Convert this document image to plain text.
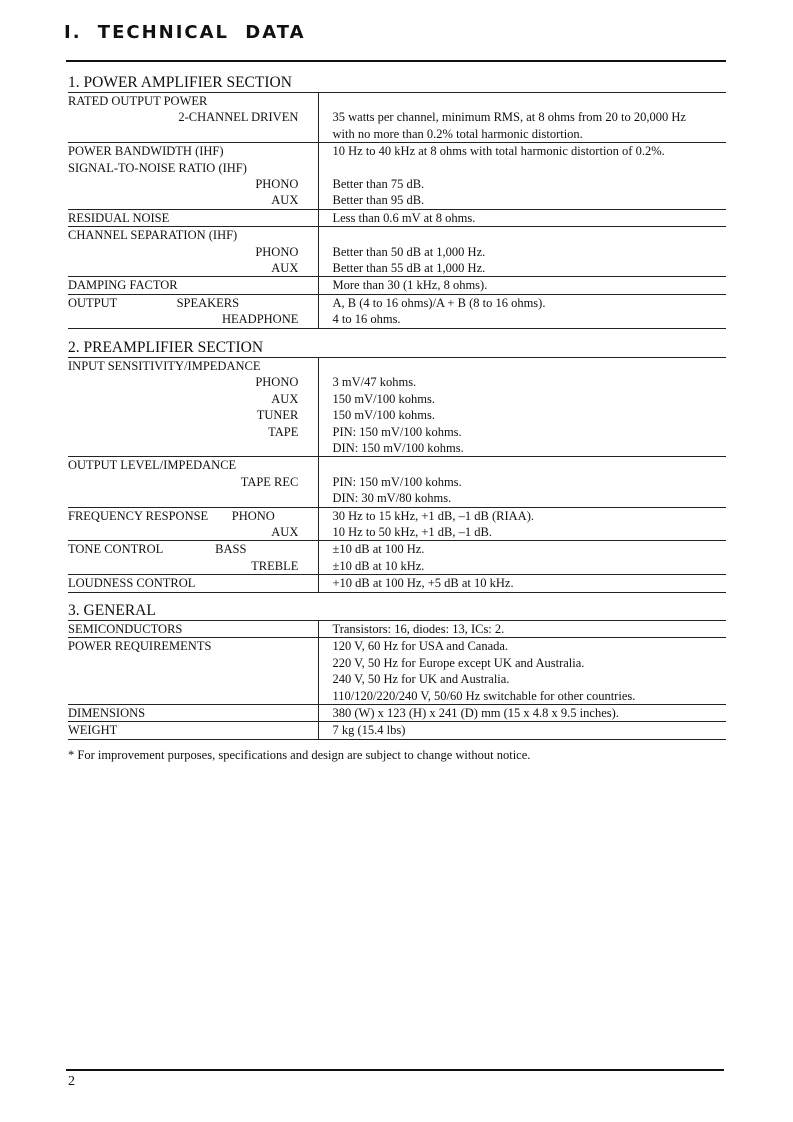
I. TECHNICAL DATA
1. POWER AMPLIFIER SECTION
RATED OUTPUT POWER	

2-CHANNEL DRIVEN	35 watts per channel, minimum RMS, at 8 ohms from 20 to 20,000 Hz

	with no more than 0.2% total harmonic distortion.

POWER BANDWIDTH (IHF)	10 Hz to 40 kHz at 8 ohms with total harmonic distortion of 0.2%.

SIGNAL-TO-NOISE RATIO (IHF)	

PHONO	Better than 75 dB.

AUX	Better than 95 dB.

RESIDUAL NOISE	Less than 0.6 mV at 8 ohms.

CHANNEL SEPARATION (IHF)	

PHONO	Better than 50 dB at 1,000 Hz.

AUX	Better than 55 dB at 1,000 Hz.

DAMPING FACTOR	More than 30 (1 kHz, 8 ohms).

OUTPUT SPEAKERS	A, B (4 to 16 ohms)/A + B (8 to 16 ohms).

HEADPHONE	4 to 16 ohms.
2. PREAMPLIFIER SECTION
INPUT SENSITIVITY/IMPEDANCE	

PHONO	3 mV/47 kohms.

AUX	150 mV/100 kohms.

TUNER	150 mV/100 kohms.

TAPE	PIN: 150 mV/100 kohms.

	DIN: 150 mV/100 kohms.

OUTPUT LEVEL/IMPEDANCE	

TAPE REC	PIN: 150 mV/100 kohms.

	DIN: 30 mV/80 kohms.

FREQUENCY RESPONSE PHONO	30 Hz to 15 kHz, +1 dB, –1 dB (RIAA).

AUX	10 Hz to 50 kHz, +1 dB, –1 dB.

TONE CONTROL BASS	±10 dB at 100 Hz.

TREBLE	±10 dB at 10 kHz.

LOUDNESS CONTROL	+10 dB at 100 Hz, +5 dB at 10 kHz.
3. GENERAL
SEMICONDUCTORS	Transistors: 16, diodes: 13, ICs: 2.

POWER REQUIREMENTS	120 V, 60 Hz for USA and Canada.

	220 V, 50 Hz for Europe except UK and Australia.

	240 V, 50 Hz for UK and Australia.

	110/120/220/240 V, 50/60 Hz switchable for other countries.

DIMENSIONS	380 (W) x 123 (H) x 241 (D) mm (15 x 4.8 x 9.5 inches).

WEIGHT	7 kg (15.4 lbs)
* For improvement purposes, specifications and design are subject to change without notice.
2
